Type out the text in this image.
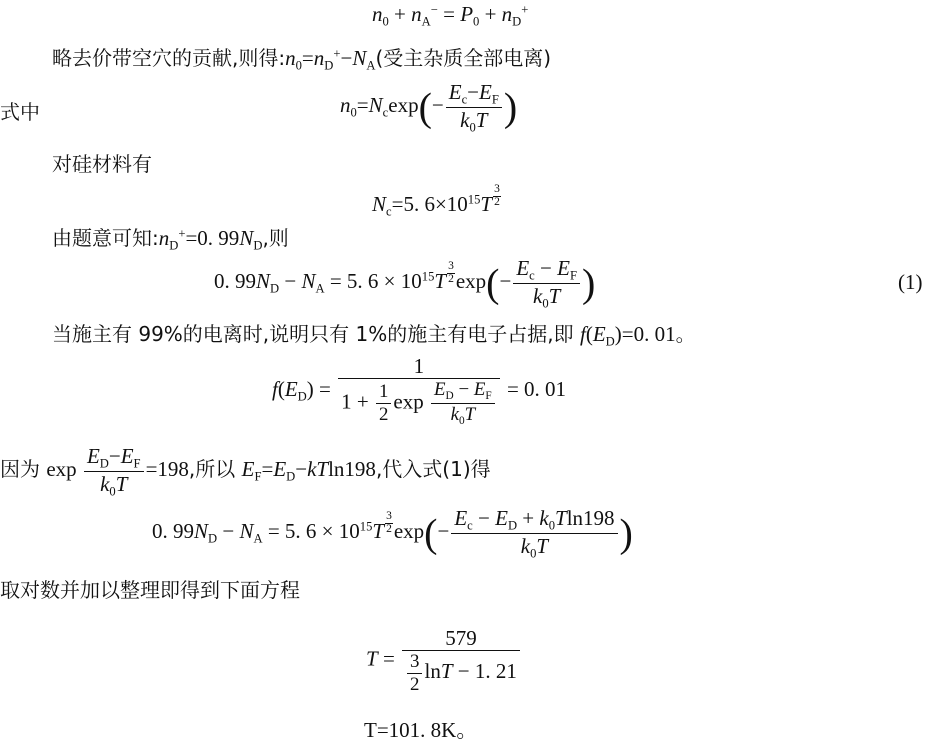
$n_0 + n_A^- = P_0 + n_D^+$
略去价带空穴的贡献,则得$:n_0=n_D^+-N_A$(受主杂质全部电离)
式中	$n_0=N_c\exp(- \frac{E_c-E_F}{k_0T}$ )
对硅材料有
$N_c=5$. $6\times 10^{15}T \frac{3}{2}$
由题意可知$:n_D^+=0$. $99N_D$,则
0. $99N_D - N_A = 5$. $6 \times 10^{15}T \frac{3}{2} \exp(- \frac{E_c - E_F}{k_0T}$ )	(1)
当施主有 99%的电离时,说明只有 1%的施主有电子占据,即 $f(E_D)=0$. 01。
$f(E_D) = \frac{1}{1 + \frac{1}{2} \exp \frac{E_D - E_F}{k_0T}} = 0$. 01
因为 $\exp \frac{E_D-E_F}{k_0T} =198$,所以 $E_F=E_D-kTln198$,代入式(1)得
0. $99N_D - N_A = 5$. $6 \times 10^{15}T \frac{3}{2} \exp(- \frac{E_c - E_D + k_0Tln198}{k_0T}$ )
取对数并加以整理即得到下面方程
$T = \frac{579}{\frac{3}{2} \ln T - 1. 21}$
T=101. 8K。
